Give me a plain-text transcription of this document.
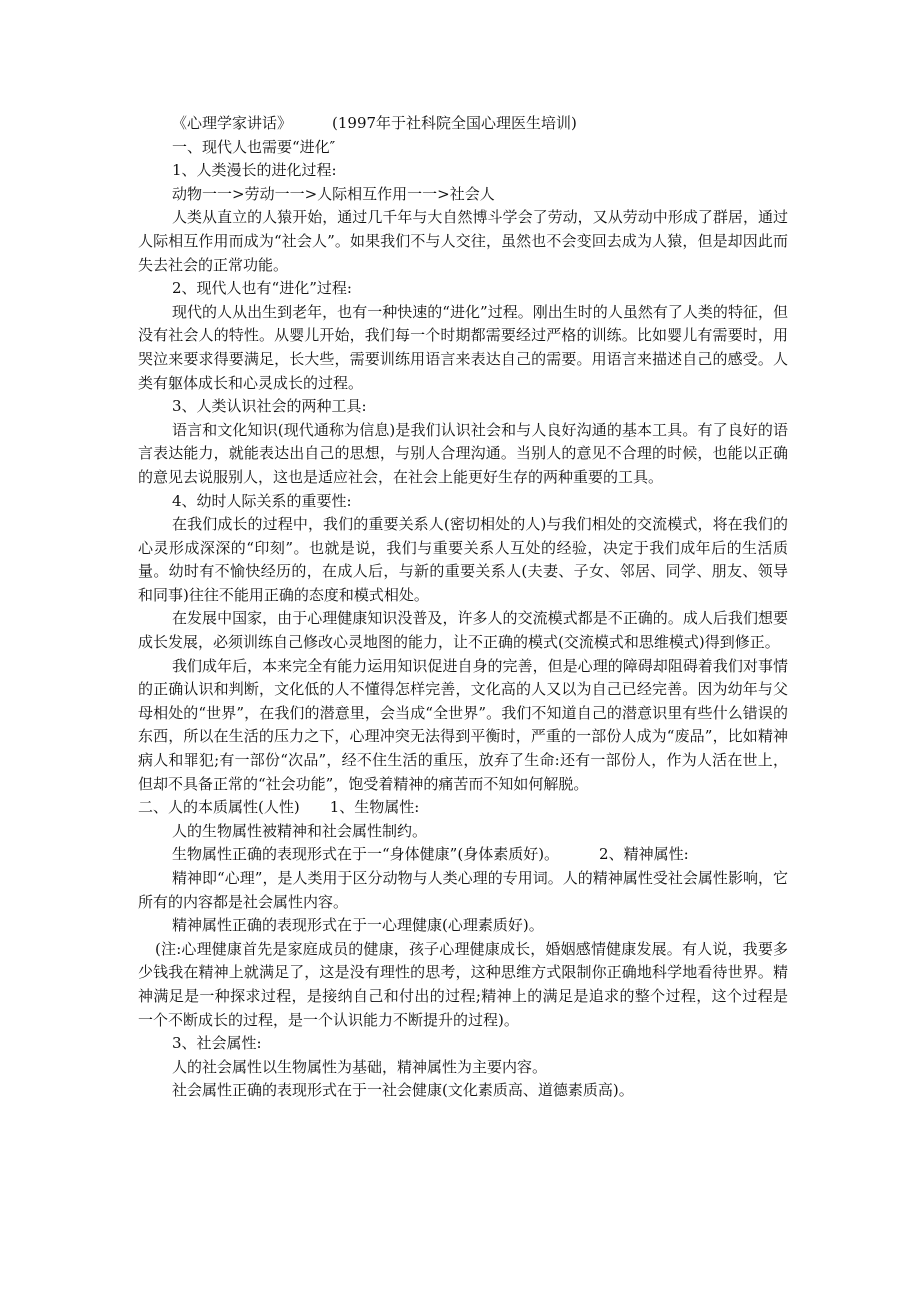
《心理学家讲话》	(1997年于社科院全国心理医生培训)
一、现代人也需要“进化″
1、人类漫长的进化过程:
动物一一>劳动一一>人际相互作用一一>社会人
人类从直立的人猿开始，通过几千年与大自然博斗学会了劳动，又从劳动中形成了群居，通过人际相互作用而成为“社会人”。如果我们不与人交往，虽然也不会变回去成为人猿，但是却因此而失去社会的正常功能。
2、现代人也有“进化”过程:
现代的人从出生到老年，也有一种快速的“进化”过程。刚出生时的人虽然有了人类的特征，但没有社会人的特性。从婴儿开始，我们每一个时期都需要经过严格的训练。比如婴儿有需要时，用哭泣来要求得要满足，长大些，需要训练用语言来表达自己的需要。用语言来描述自己的感受。人类有躯体成长和心灵成长的过程。
3、人类认识社会的两种工具:
语言和文化知识(现代通称为信息)是我们认识社会和与人良好沟通的基本工具。有了良好的语言表达能力，就能表达出自己的思想，与别人合理沟通。当别人的意见不合理的时候，也能以正确的意见去说服别人，这也是适应社会，在社会上能更好生存的两种重要的工具。
4、幼时人际关系的重要性:
在我们成长的过程中，我们的重要关系人(密切相处的人)与我们相处的交流模式，将在我们的心灵形成深深的“印刻”。也就是说，我们与重要关系人互处的经验，决定于我们成年后的生活质量。幼时有不愉快经历的，在成人后，与新的重要关系人(夫妻、子女、邻居、同学、朋友、领导和同事)往往不能用正确的态度和模式相处。
在发展中国家，由于心理健康知识没普及，许多人的交流模式都是不正确的。成人后我们想要成长发展，必须训练自己修改心灵地图的能力，让不正确的模式(交流模式和思维模式)得到修正。
我们成年后，本来完全有能力运用知识促进自身的完善，但是心理的障碍却阻碍着我们对事情的正确认识和判断，文化低的人不懂得怎样完善，文化高的人又以为自己已经完善。因为幼年与父母相处的“世界”，在我们的潜意里，会当成“全世界”。我们不知道自己的潜意识里有些什么错误的东西，所以在生活的压力之下，心理冲突无法得到平衡时，严重的一部份人成为“废品”，比如精神病人和罪犯;有一部份“次品”，经不住生活的重压，放弃了生命:还有一部份人，作为人活在世上，但却不具备正常的“社会功能”，饱受着精神的痛苦而不知如何解脱。
二、人的本质属性(人性) 1、生物属性:
人的生物属性被精神和社会属性制约。
生物属性正确的表现形式在于一“身体健康”(身体素质好)。	2、精神属性:
精神即“心理”，是人类用于区分动物与人类心理的专用词。人的精神属性受社会属性影响，它所有的内容都是社会属性内容。
精神属性正确的表现形式在于一心理健康(心理素质好)。
(注:心理健康首先是家庭成员的健康，孩子心理健康成长，婚姻感情健康发展。有人说，我要多少钱我在精神上就满足了，这是没有理性的思考，这种思维方式限制你正确地科学地看待世界。精神满足是一种探求过程，是接纳自己和付出的过程;精神上的满足是追求的整个过程，这个过程是一个不断成长的过程，是一个认识能力不断提升的过程)。
3、社会属性:
人的社会属性以生物属性为基础，精神属性为主要内容。
社会属性正确的表现形式在于一社会健康(文化素质高、道德素质高)。
